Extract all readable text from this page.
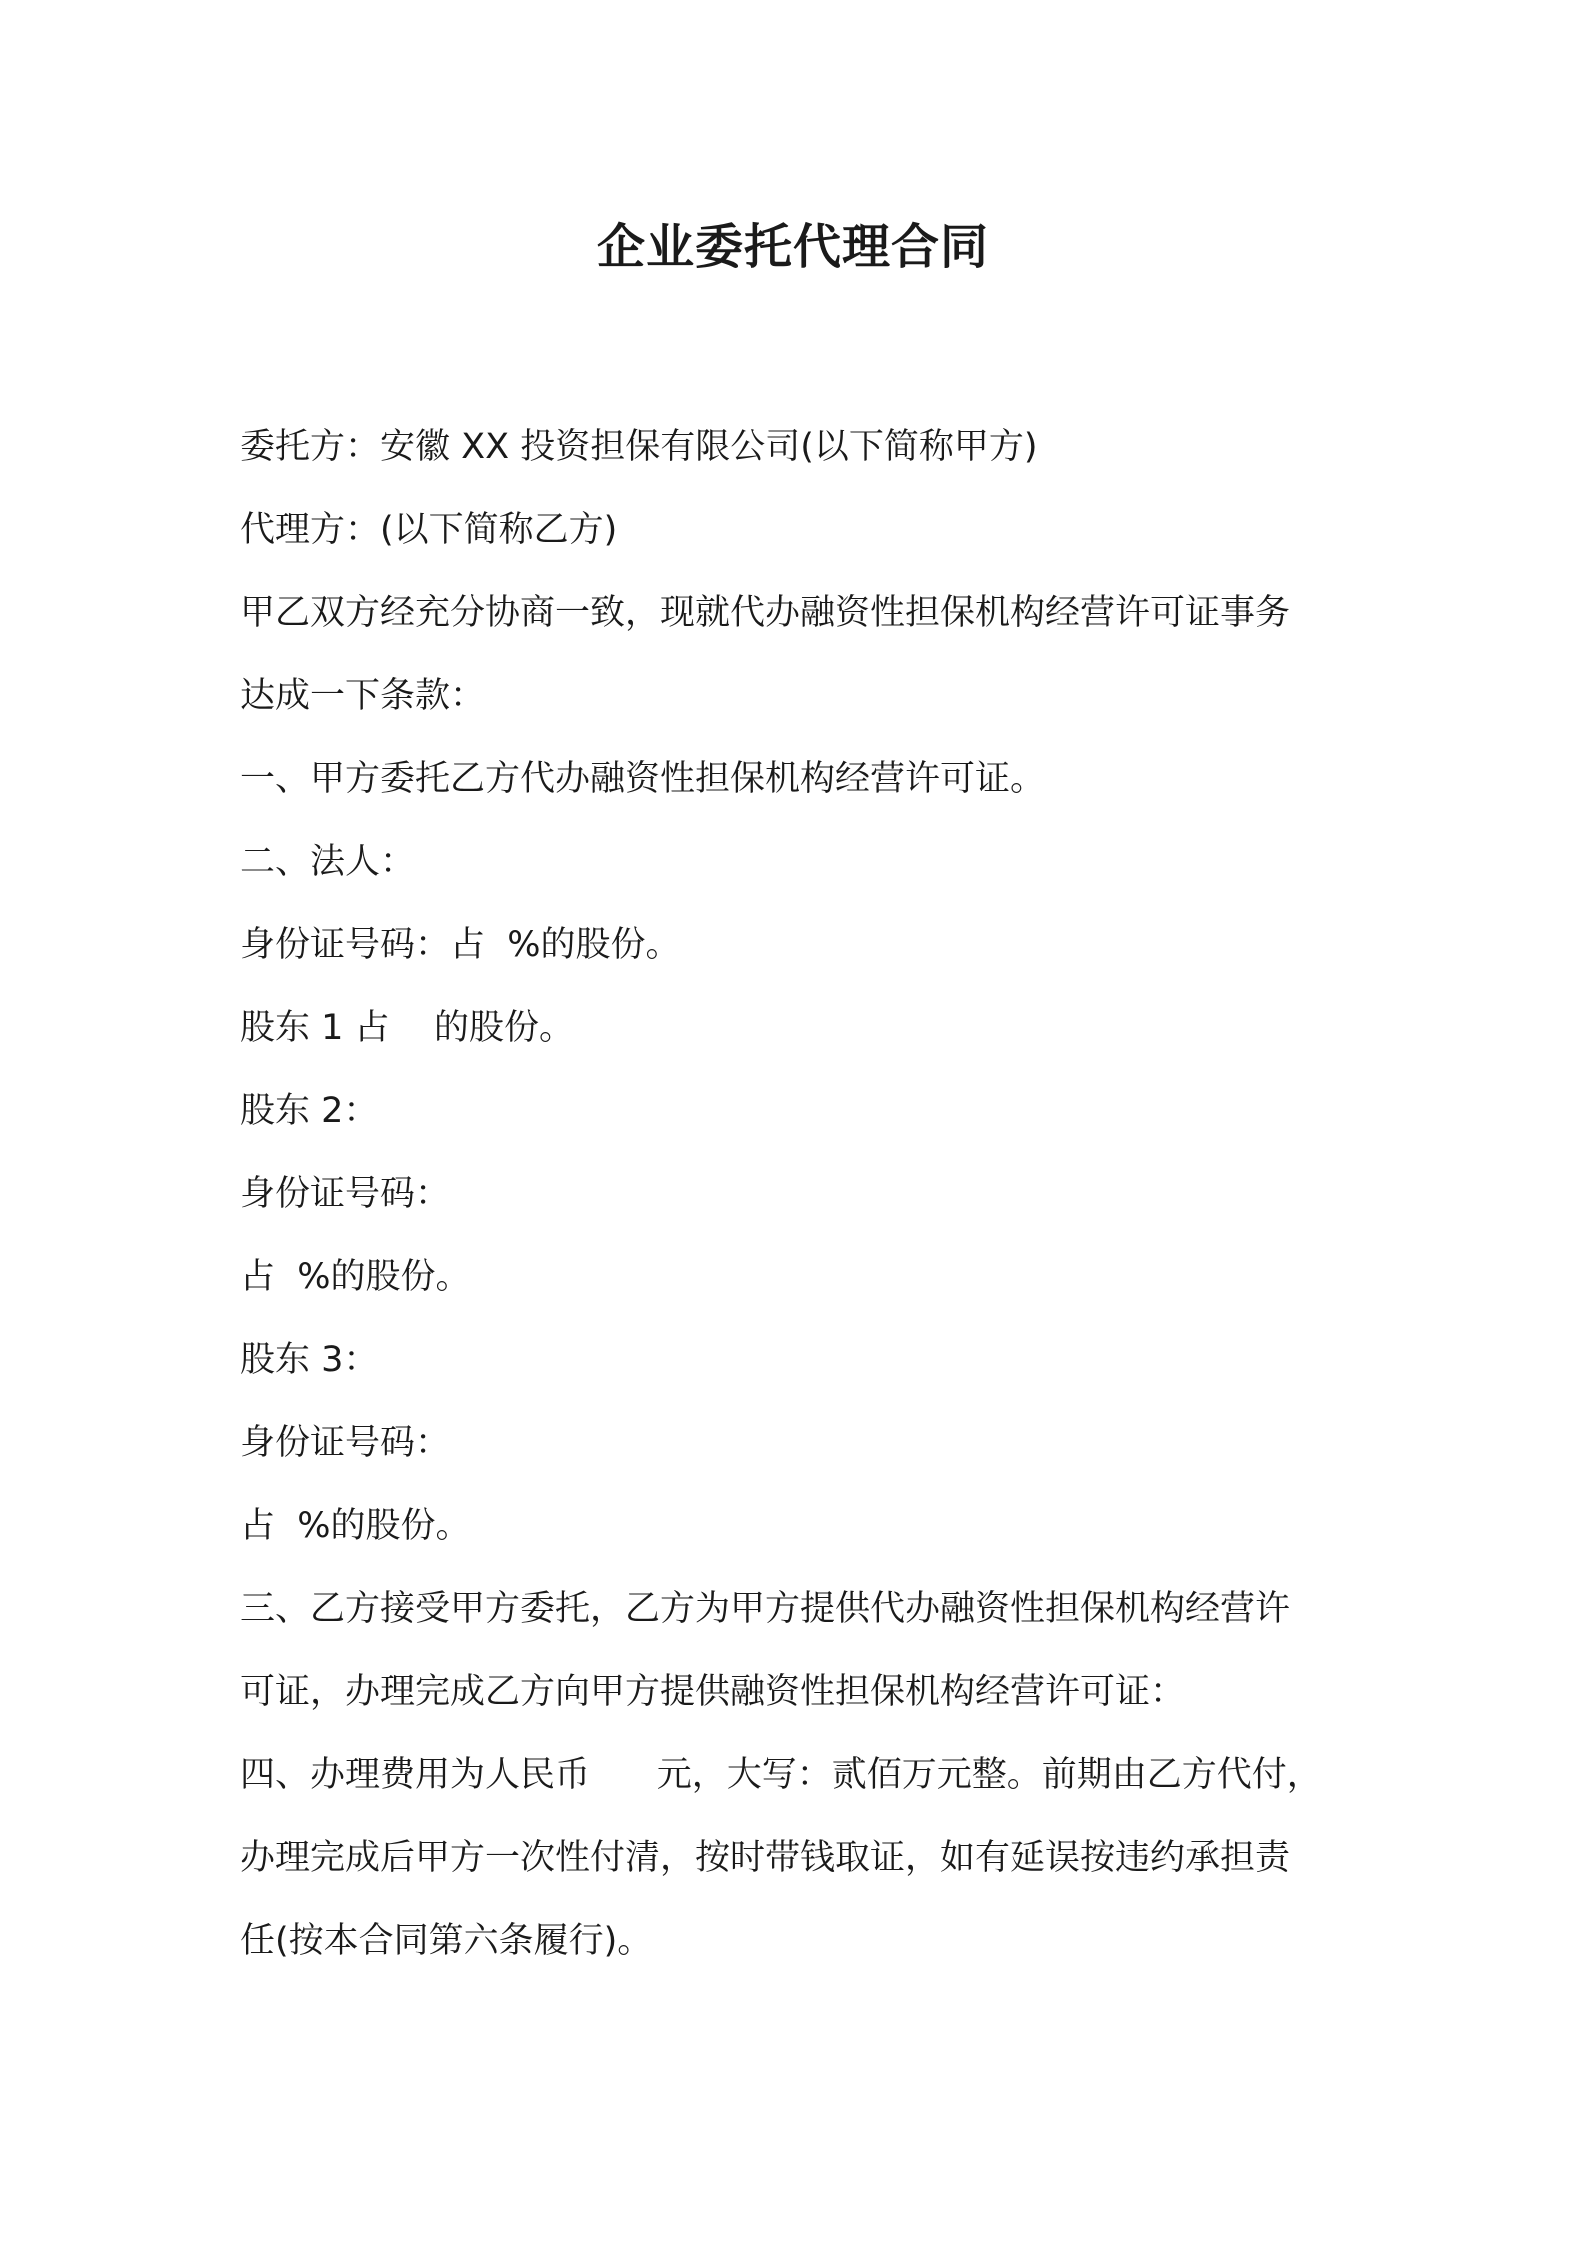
企业委托代理合同

委托方：安徽 XX 投资担保有限公司(以下简称甲方)

代理方：(以下简称乙方)

甲乙双方经充分协商一致，现就代办融资性担保机构经营许可证事务

达成一下条款：

一、甲方委托乙方代办融资性担保机构经营许可证。

二、法人：

身份证号码：占  %的股份。

股东 1 占    的股份。

股东 2：

身份证号码：

占  %的股份。

股东 3：

身份证号码：

占  %的股份。

三、乙方接受甲方委托，乙方为甲方提供代办融资性担保机构经营许

可证，办理完成乙方向甲方提供融资性担保机构经营许可证：

四、办理费用为人民币      元，大写：贰佰万元整。前期由乙方代付，

办理完成后甲方一次性付清，按时带钱取证，如有延误按违约承担责

任(按本合同第六条履行)。
